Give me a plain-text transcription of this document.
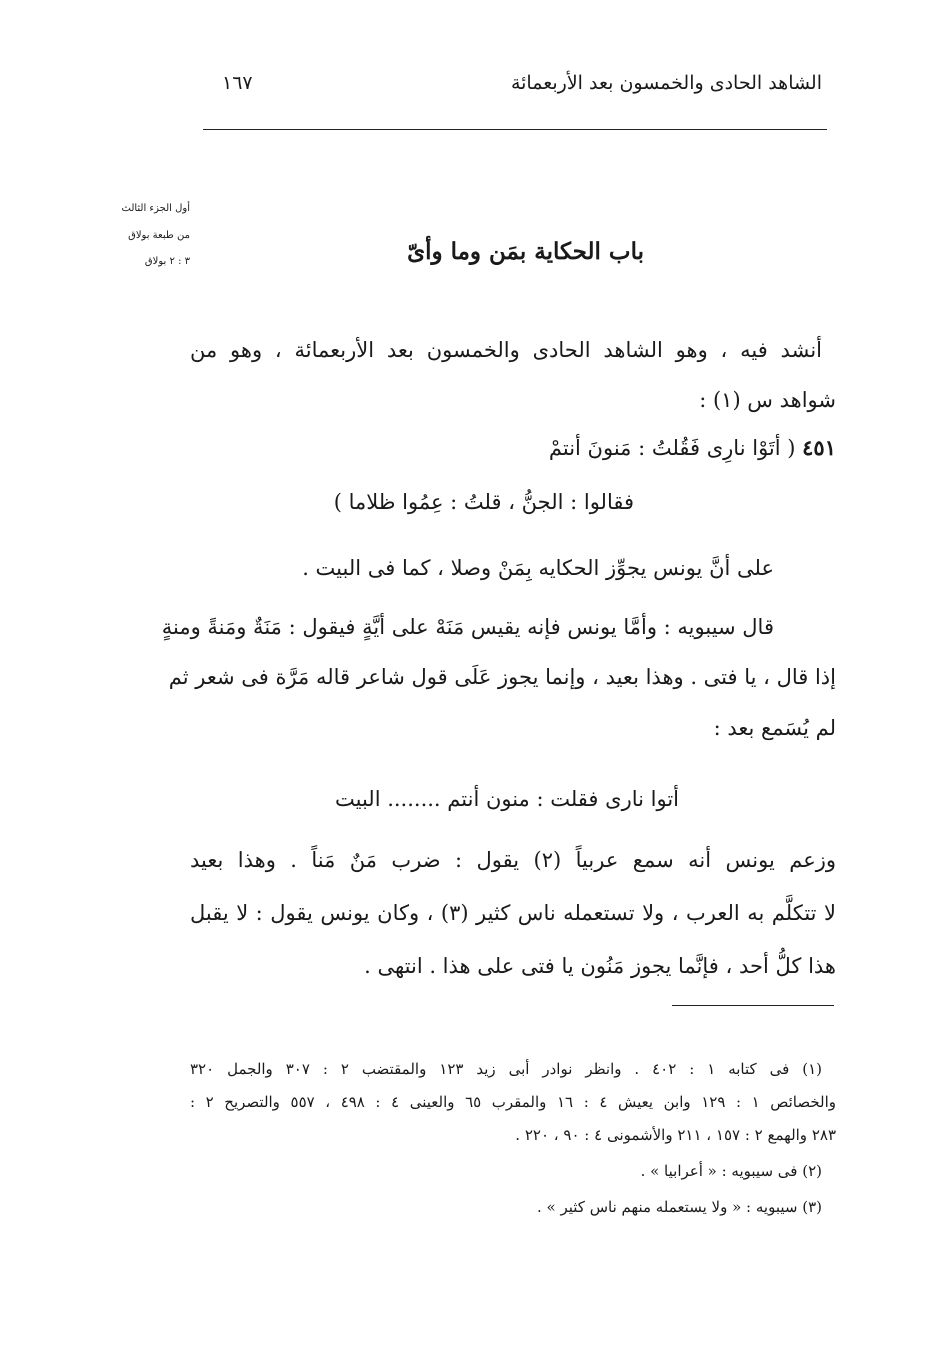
الشاهد الحادى والخمسون بعد الأربعمائة
١٦٧
أول الجزء الثالث
من طبعة بولاق
٣ : ٢ بولاق	باب الحكاية بمَن وما وأىّ
أنشد فيه ، وهو الشاهد الحادى والخمسون بعد الأربعمائة ، وهو من
شواهد س (١) :
٤٥١ ( أتَوْا نارِى فَقُلتُ : مَنونَ أنتمْ
فقالوا : الجنُّ ، قلتُ : عِمُوا ظلاما )
على أنَّ يونس يجوِّز الحكايه بِمَنْ وصلا ، كما فى البيت .
قال سيبويه : وأمَّا يونس فإنه يقيس مَنَهْ على أيَّةٍ فيقول : مَنَةٌ ومَنةً ومنةٍ
إذا قال ، يا فتى . وهذا بعيد ، وإنما يجوز عَلَى قول شاعر قاله مَرَّة فى شعر ثم
لم يُسَمع بعد :
أتوا نارى فقلت : منون أنتم ........ البيت
وزعم يونس أنه سمع عربياً (٢) يقول : ضرب مَنٌ مَناً . وهذا بعيد
لا تتكلَّم به العرب ، ولا تستعمله ناس كثير (٣) ، وكان يونس يقول : لا يقبل
هذا كلُّ أحد ، فإنَّما يجوز مَنُون يا فتى على هذا . انتهى .
(١) فى كتابه ١ : ٤٠٢ . وانظر نوادر أبى زيد ١٢٣ والمقتضب ٢ : ٣٠٧ والجمل ٣٢٠
والخصائص ١ : ١٢٩ وابن يعيش ٤ : ١٦ والمقرب ٦٥ والعينى ٤ : ٤٩٨ ، ٥٥٧ والتصريح ٢ :
٢٨٣ والهمع ٢ : ١٥٧ ، ٢١١ والأشمونى ٤ : ٩٠ ، ٢٢٠ .
(٢) فى سيبويه : « أعرابيا » .
(٣) سيبويه : « ولا يستعمله منهم ناس كثير » .
